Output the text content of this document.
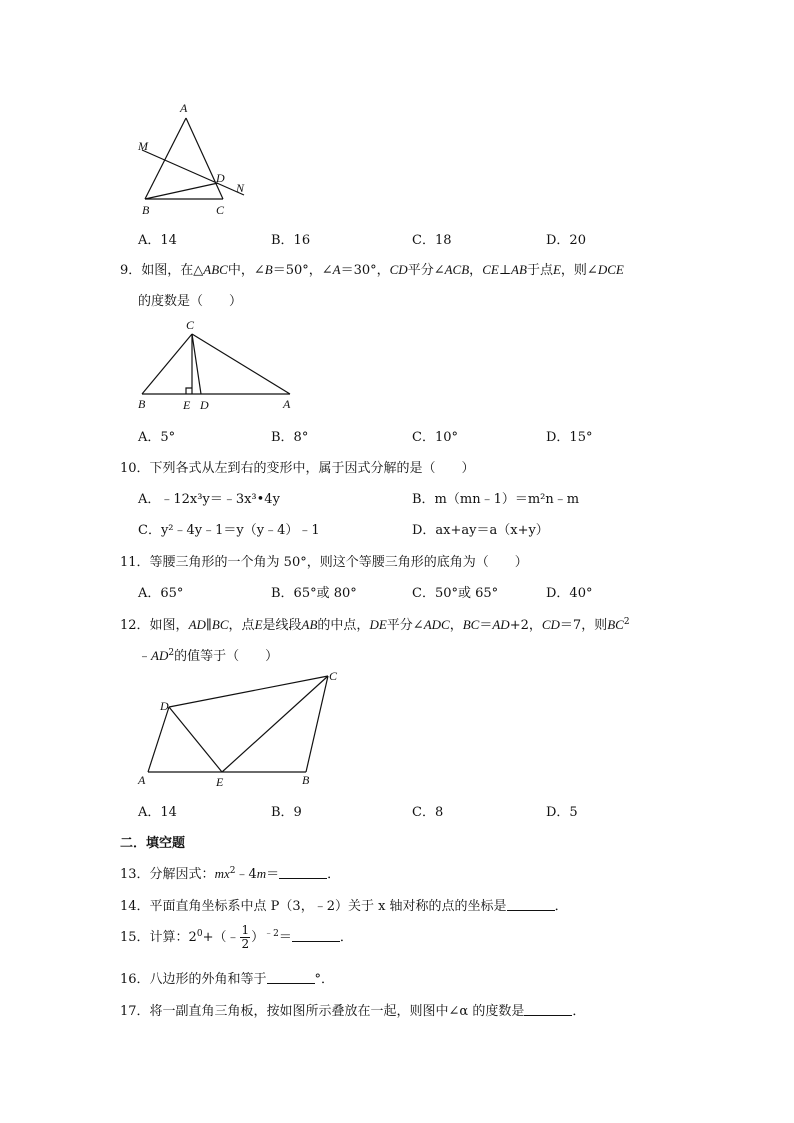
A
M
D
N
B	C
A．14	B．16	C．18	D．20
9．如图，在△ABC中，∠B＝50°，∠A＝30°，CD平分∠ACB，CE⊥AB于点E，则∠DCE
的度数是（　　）
C
B	E D	A
A．5°	B．8°	C．10°	D．15°
10．下列各式从左到右的变形中，属于因式分解的是（　　）
A．﹣12x³y＝﹣3x³•4y	B．m（mn﹣1）＝m²n﹣m
C．y²﹣4y﹣1＝y（y﹣4）﹣1	D．ax+ay＝a（x+y）
11．等腰三角形的一个角为 50°，则这个等腰三角形的底角为（　　）
A．65°	B．65°或 80°	C．50°或 65°	D．40°
12．如图，AD∥BC，点E是线段AB的中点，DE平分∠ADC，BC＝AD+2，CD＝7，则$BC^2$
$﹣AD^2$的值等于（　　）
D
C
A	E	B
A．14	B．9	C．8	D．5
二．填空题
13．分解因式：$mx^2﹣4m=$	．
14．平面直角坐标系中点 P（3，﹣2）关于 x 轴对称的点的坐标是	．
15．计算：$2^0+(﹣ \frac{1}{2} )^{﹣2}=$	．
16．八边形的外角和等于	°．
17．将一副直角三角板，按如图所示叠放在一起，则图中∠α 的度数是	．
